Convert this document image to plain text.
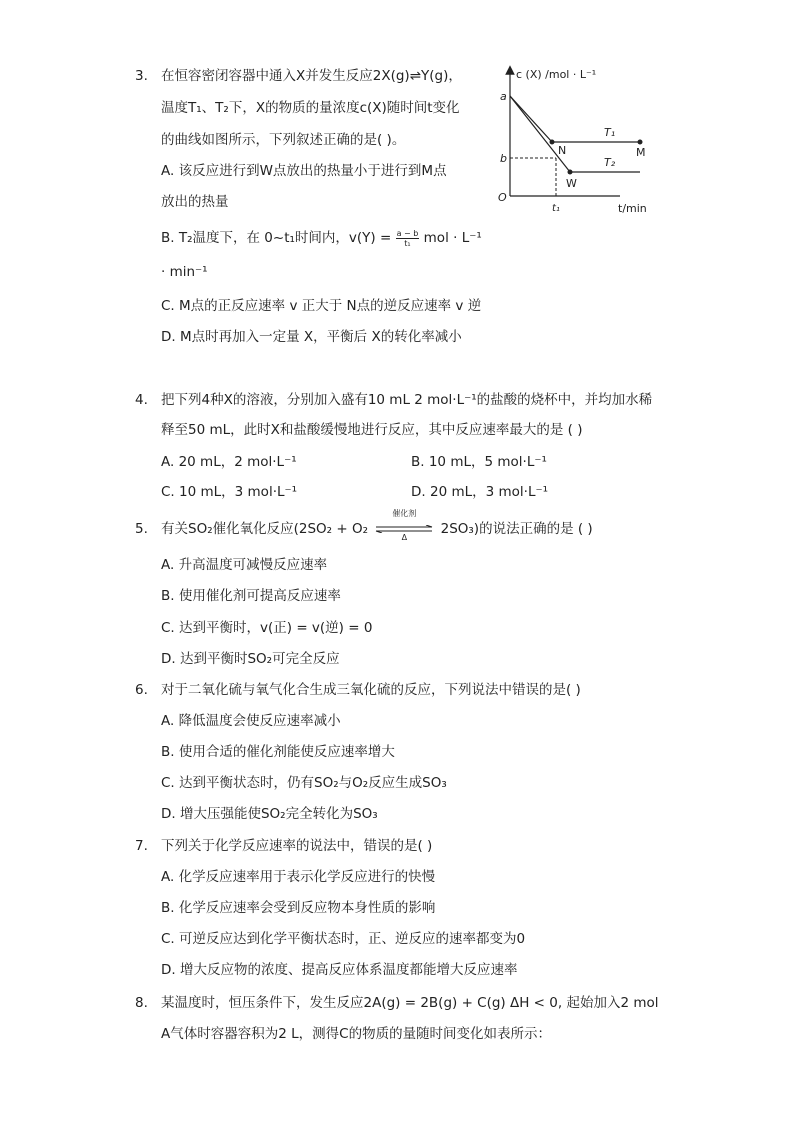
3. 在恒容密闭容器中通入X并发生反应2X(g)⇌Y(g)，
温度T₁、T₂下，X的物质的量浓度c(X)随时间t变化
的曲线如图所示，下列叙述正确的是( )。
A. 该反应进行到W点放出的热量小于进行到M点
放出的热量
B. T₂温度下，在 0~t₁时间内，$v(Y) = \frac{a - b}{\text{t₁}}$ mol · L⁻¹
· min⁻¹
C. M点的正反应速率 v 正大于 N点的逆反应速率 v 逆
D. M点时再加入一定量 X，平衡后 X的转化率减小
c (X) /mol · L⁻¹
t/min
O
a
b
t₁
T₁
T₂
N	M
W
4. 把下列4种X的溶液，分别加入盛有10 mL 2 mol·L⁻¹的盐酸的烧杯中，并均加水稀
释至50 mL，此时X和盐酸缓慢地进行反应，其中反应速率最大的是 ( )
A. 20 mL，2 mol·L⁻¹	B. 10 mL，5 mol·L⁻¹
C. 10 mL，3 mol·L⁻¹	D. 20 mL，3 mol·L⁻¹
5. 有关SO₂催化氧化反应(2SO₂ + O₂
催化剂
Δ
2SO₃)的说法正确的是 ( )
A. 升高温度可减慢反应速率
B. 使用催化剂可提高反应速率
C. 达到平衡时，v(正) = v(逆) = 0
D. 达到平衡时SO₂可完全反应
6. 对于二氧化硫与氧气化合生成三氧化硫的反应，下列说法中错误的是( )
A. 降低温度会使反应速率减小
B. 使用合适的催化剂能使反应速率增大
C. 达到平衡状态时，仍有SO₂与O₂反应生成SO₃
D. 增大压强能使SO₂完全转化为SO₃
7. 下列关于化学反应速率的说法中，错误的是( )
A. 化学反应速率用于表示化学反应进行的快慢
B. 化学反应速率会受到反应物本身性质的影响
C. 可逆反应达到化学平衡状态时，正、逆反应的速率都变为0
D. 增大反应物的浓度、提高反应体系温度都能增大反应速率
8. 某温度时，恒压条件下，发生反应2A(g) = 2B(g) + C(g) ΔH < 0, 起始加入2 mol
A气体时容器容积为2 L，测得C的物质的量随时间变化如表所示：
